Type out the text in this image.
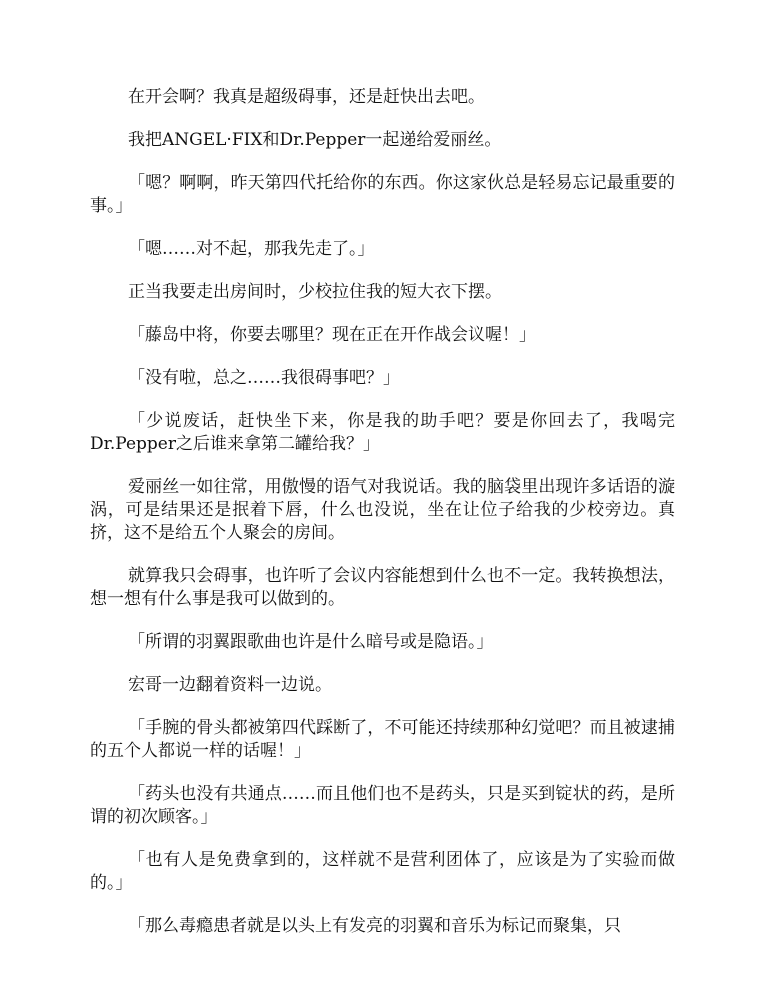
在开会啊？我真是超级碍事，还是赶快出去吧。

我把ANGEL·FIX和Dr.Pepper一起递给爱丽丝。

「嗯？啊啊，昨天第四代托给你的东西。你这家伙总是轻易忘记最重要的事。」

「嗯……对不起，那我先走了。」

正当我要走出房间时，少校拉住我的短大衣下摆。

「藤岛中将，你要去哪里？现在正在开作战会议喔！」

「没有啦，总之……我很碍事吧？」

「少说废话，赶快坐下来，你是我的助手吧？要是你回去了，我喝完Dr.Pepper之后谁来拿第二罐给我？」

爱丽丝一如往常，用傲慢的语气对我说话。我的脑袋里出现许多话语的漩涡，可是结果还是抿着下唇，什么也没说，坐在让位子给我的少校旁边。真挤，这不是给五个人聚会的房间。

就算我只会碍事，也许听了会议内容能想到什么也不一定。我转换想法，想一想有什么事是我可以做到的。

「所谓的羽翼跟歌曲也许是什么暗号或是隐语。」

宏哥一边翻着资料一边说。

「手腕的骨头都被第四代踩断了，不可能还持续那种幻觉吧？而且被逮捕的五个人都说一样的话喔！」

「药头也没有共通点……而且他们也不是药头，只是买到锭状的药，是所谓的初次顾客。」

「也有人是免费拿到的，这样就不是营利团体了，应该是为了实验而做的。」

「那么毒瘾患者就是以头上有发亮的羽翼和音乐为标记而聚集，只
